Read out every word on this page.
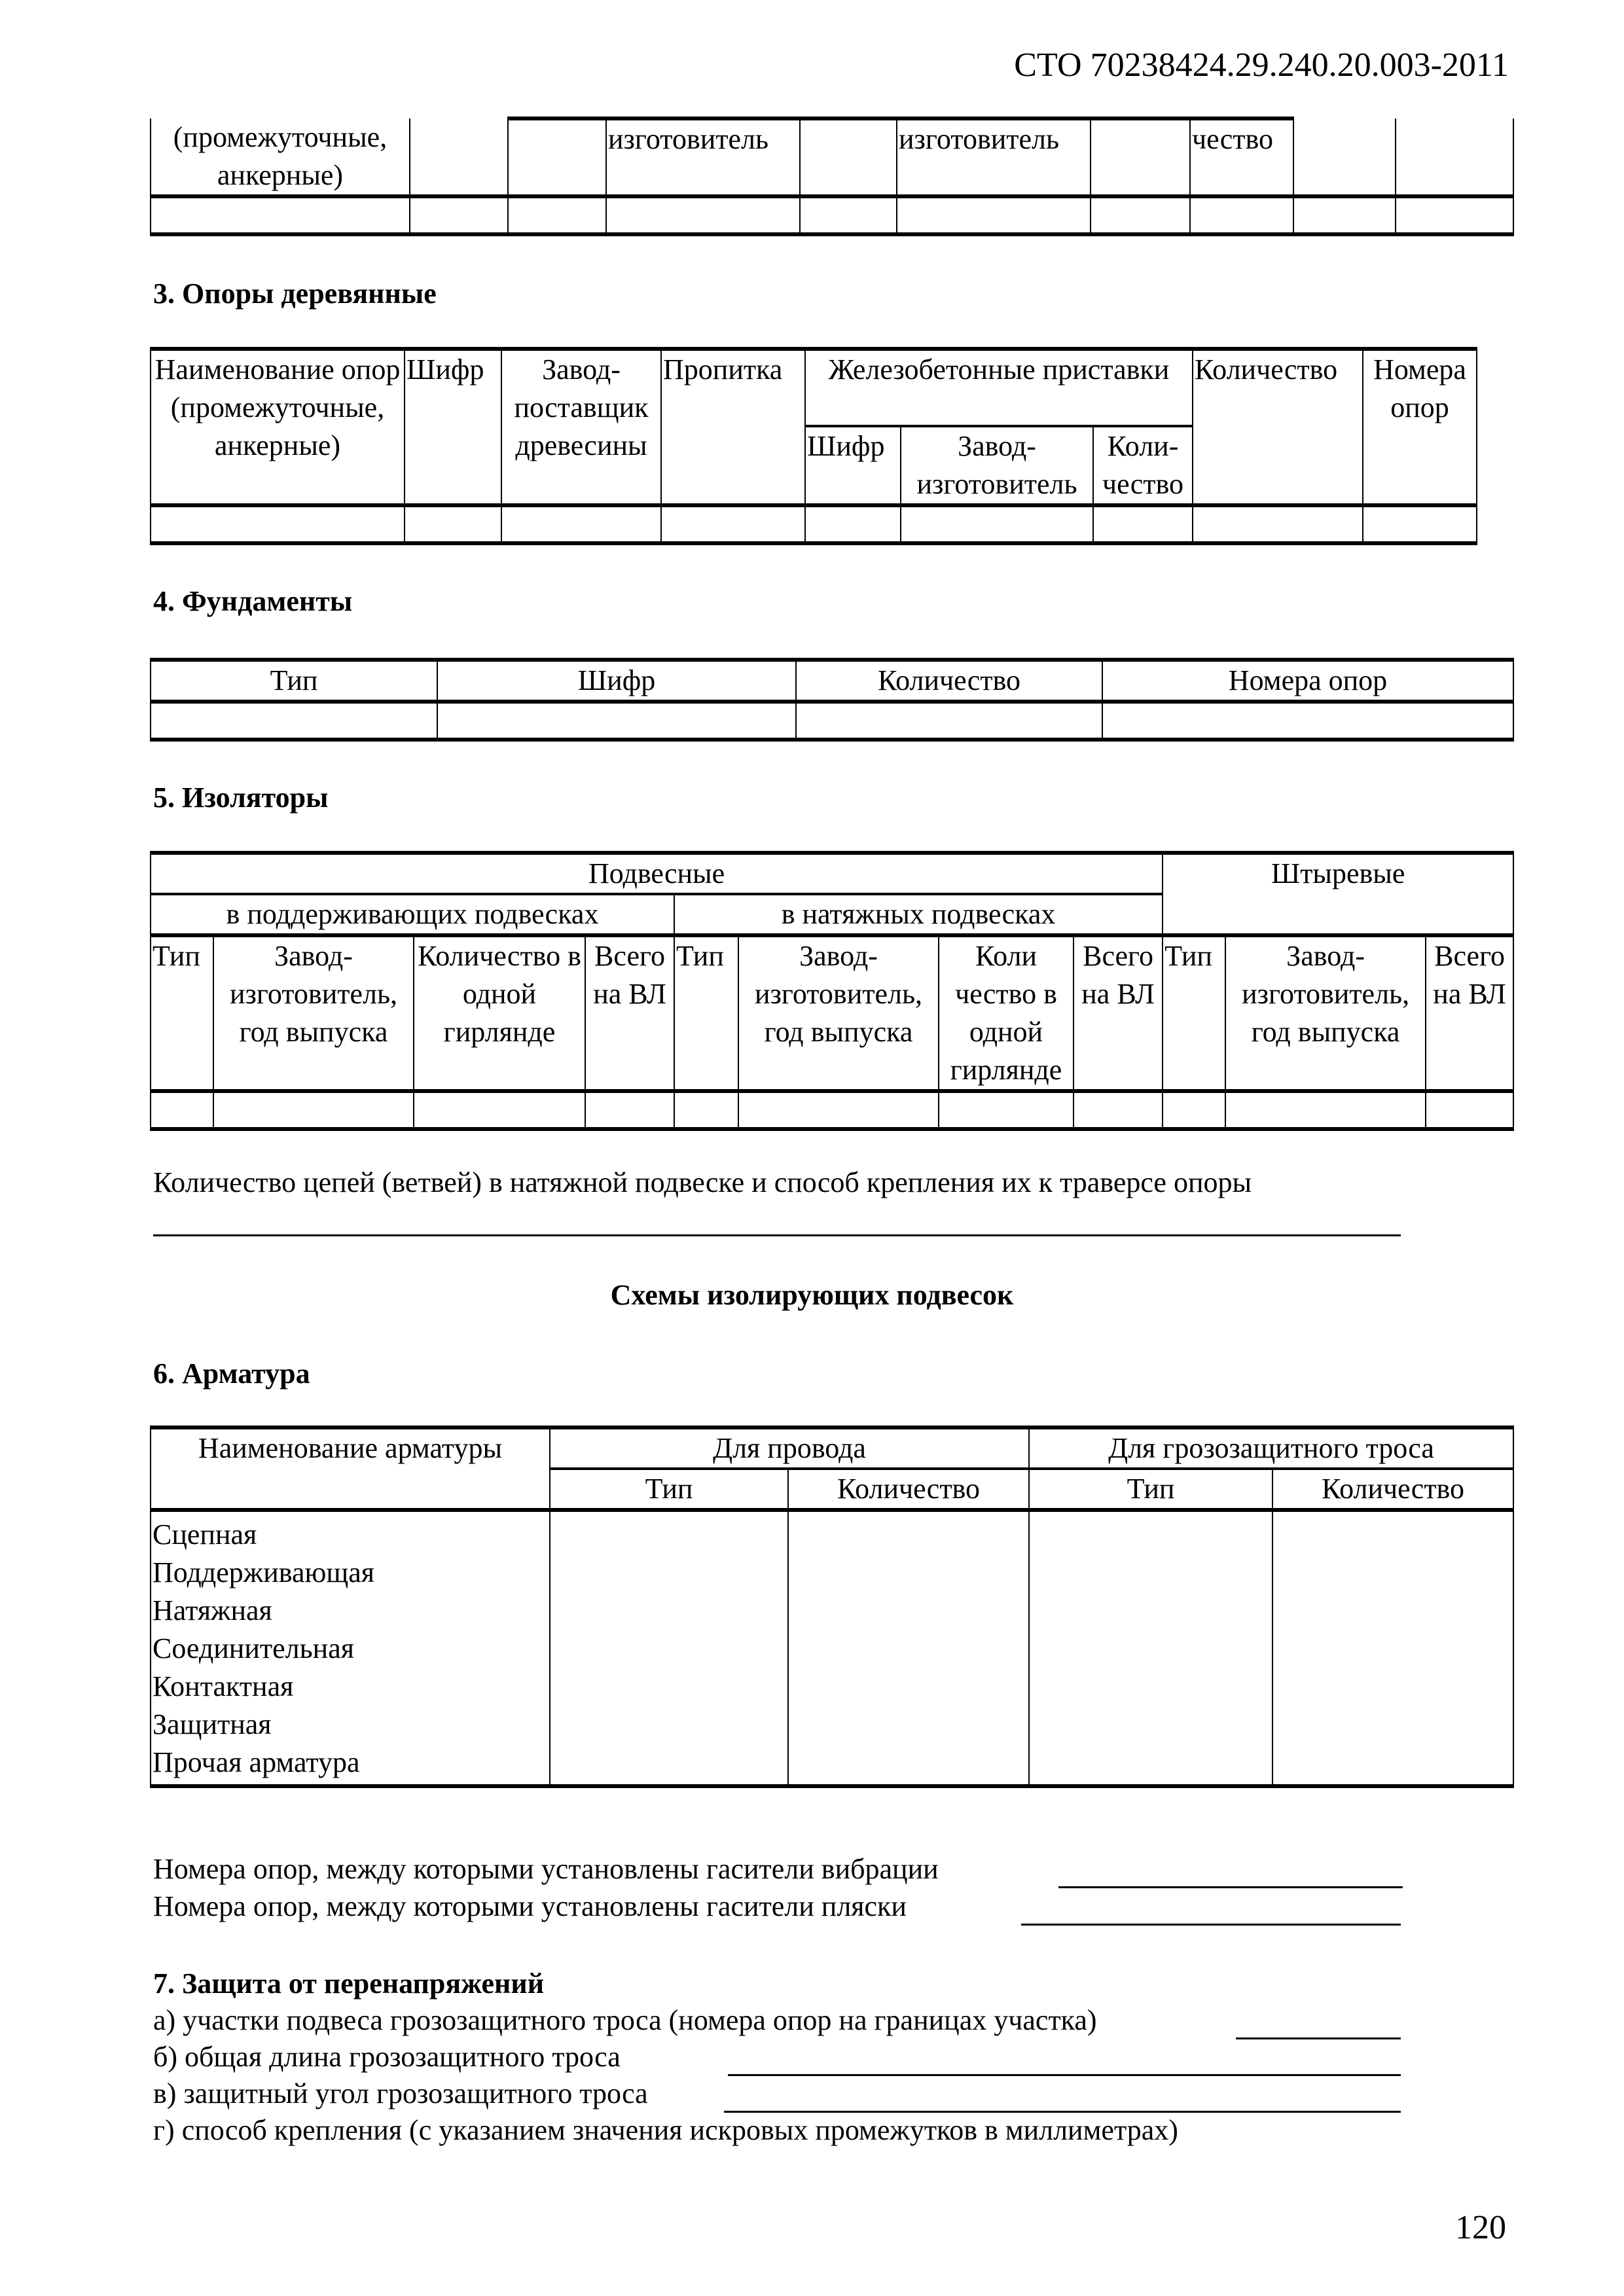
СТО 70238424.29.240.20.003-2011
(промежуточные, анкерные)			изготовитель		изготовитель		чество		

3. Опоры деревянные
Наименование опор (промежуточные, анкерные)	Шифр	Завод-поставщик древесины	Пропитка	Железобетонные приставки			Количество	Номера опор
				Шифр	Завод-изготовитель	Коли-чество		

4. Фундаменты
Тип	Шифр	Количество	Номера опор

5. Изоляторы
Подвесные								Штыревые		
в поддерживающих подвесках				в натяжных подвесках						
Тип	Завод-изготовитель, год выпуска	Количество в одной гирлянде	Всего на ВЛ	Тип	Завод-изготовитель, год выпуска	Коли чество в одной гирлянде	Всего на ВЛ	Тип	Завод-изготовитель, год выпуска	Всего на ВЛ

Количество цепей (ветвей) в натяжной подвеске и способ крепления их к траверсе опоры
Схемы изолирующих подвесок
6. Арматура
Наименование арматуры	Для провода		Для грозозащитного троса	
	Тип	Количество	Тип	Количество

Сцепная
Поддерживающая
Натяжная
Соединительная
Контактная
Защитная
Прочая арматура

Номера опор, между которыми установлены гасители вибрации
Номера опор, между которыми установлены гасители пляски
7. Защита от перенапряжений
а) участки подвеса грозозащитного троса (номера опор на границах участка)
б) общая длина грозозащитного троса
в) защитный угол грозозащитного троса
г) способ крепления (с указанием значения искровых промежутков в миллиметрах)
120
